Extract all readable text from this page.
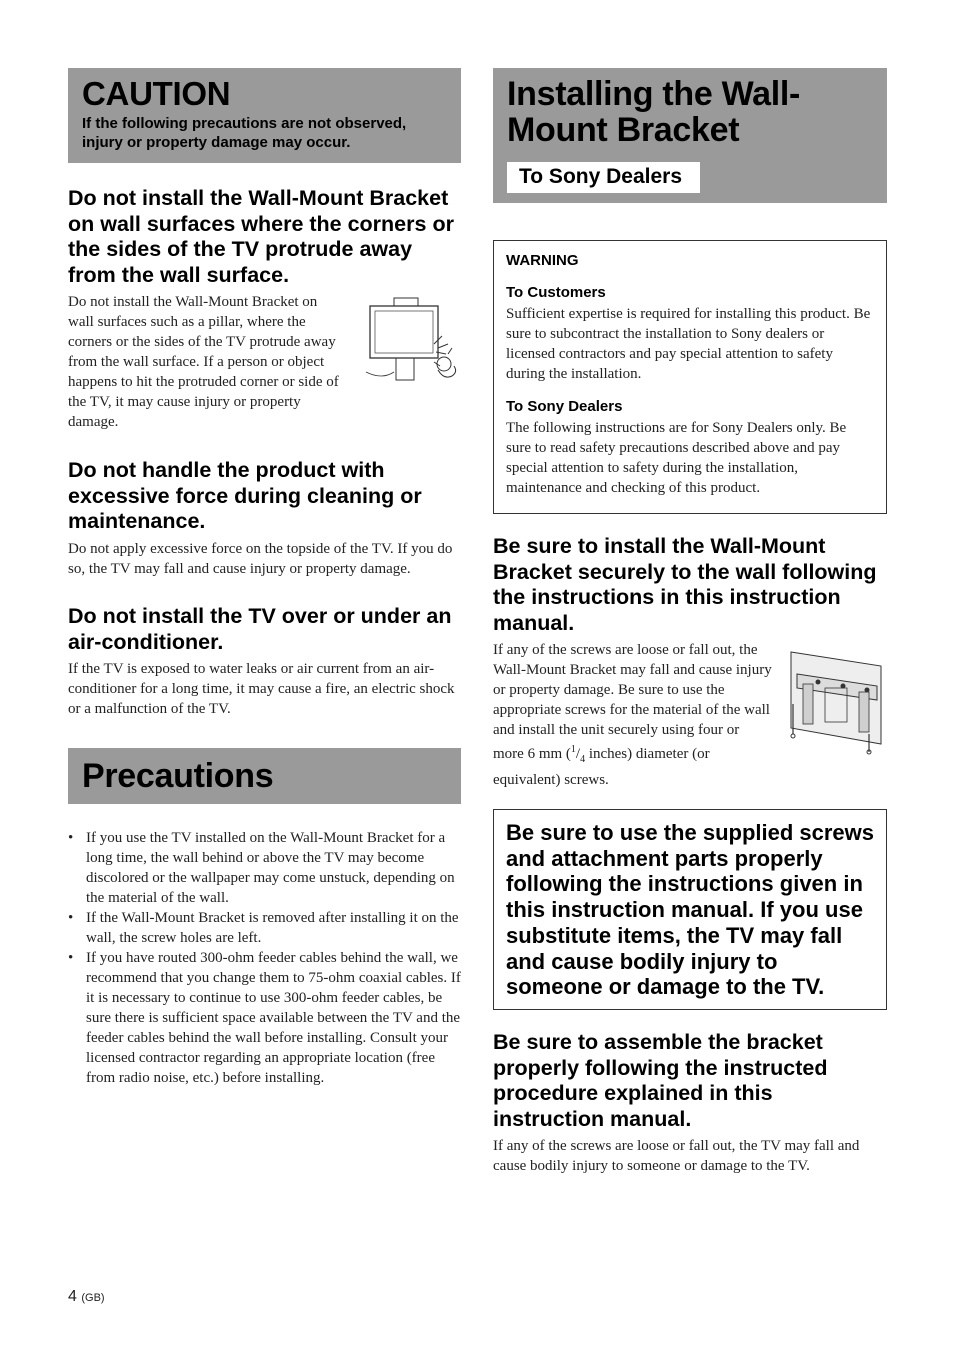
CAUTION

If the following precautions are not observed, injury or property damage may occur.

Do not install the Wall-Mount Bracket on wall surfaces where the corners or the sides of the TV protrude away from the wall surface.

Do not install the Wall-Mount Bracket on wall surfaces such as a pillar, where the corners or the sides of the TV protrude away from the wall surface. If a person or object happens to hit the protruded corner or side of the TV, it may cause injury or property damage.

Do not handle the product with excessive force during cleaning or maintenance.

Do not apply excessive force on the topside of the TV. If you do so, the TV may fall and cause injury or property damage.

Do not install the TV over or under an air-conditioner.

If the TV is exposed to water leaks or air current from an air-conditioner for a long time, it may cause a fire, an electric shock or a malfunction of the TV.

Precautions
• If you use the TV installed on the Wall-Mount Bracket for a long time, the wall behind or above the TV may become discolored or the wallpaper may come unstuck, depending on the material of the wall.
• If the Wall-Mount Bracket is removed after installing it on the wall, the screw holes are left.
• If you have routed 300-ohm feeder cables behind the wall, we recommend that you change them to 75-ohm coaxial cables. If it is necessary to continue to use 300-ohm feeder cables, be sure there is sufficient space available between the TV and the feeder cables behind the wall before installing. Consult your licensed contractor regarding an appropriate location (free from radio noise, etc.) before installing.
Installing the Wall-Mount Bracket
To Sony Dealers

WARNING

To Customers

Sufficient expertise is required for installing this product. Be sure to subcontract the installation to Sony dealers or licensed contractors and pay special attention to safety during the installation.

To Sony Dealers

The following instructions are for Sony Dealers only. Be sure to read safety precautions described above and pay special attention to safety during the installation, maintenance and checking of this product.

Be sure to install the Wall-Mount Bracket securely to the wall following the instructions in this instruction manual.

If any of the screws are loose or fall out, the Wall-Mount Bracket may fall and cause injury or property damage. Be sure to use the appropriate screws for the material of the wall and install the unit securely using four or more 6 mm ($^1/_4$ inches) diameter (or equivalent) screws.

Be sure to use the supplied screws and attachment parts properly following the instructions given in this instruction manual. If you use substitute items, the TV may fall and cause bodily injury to someone or damage to the TV.
Be sure to assemble the bracket properly following the instructed procedure explained in this instruction manual.

If any of the screws are loose or fall out, the TV may fall and cause bodily injury to someone or damage to the TV.

4 (GB)
